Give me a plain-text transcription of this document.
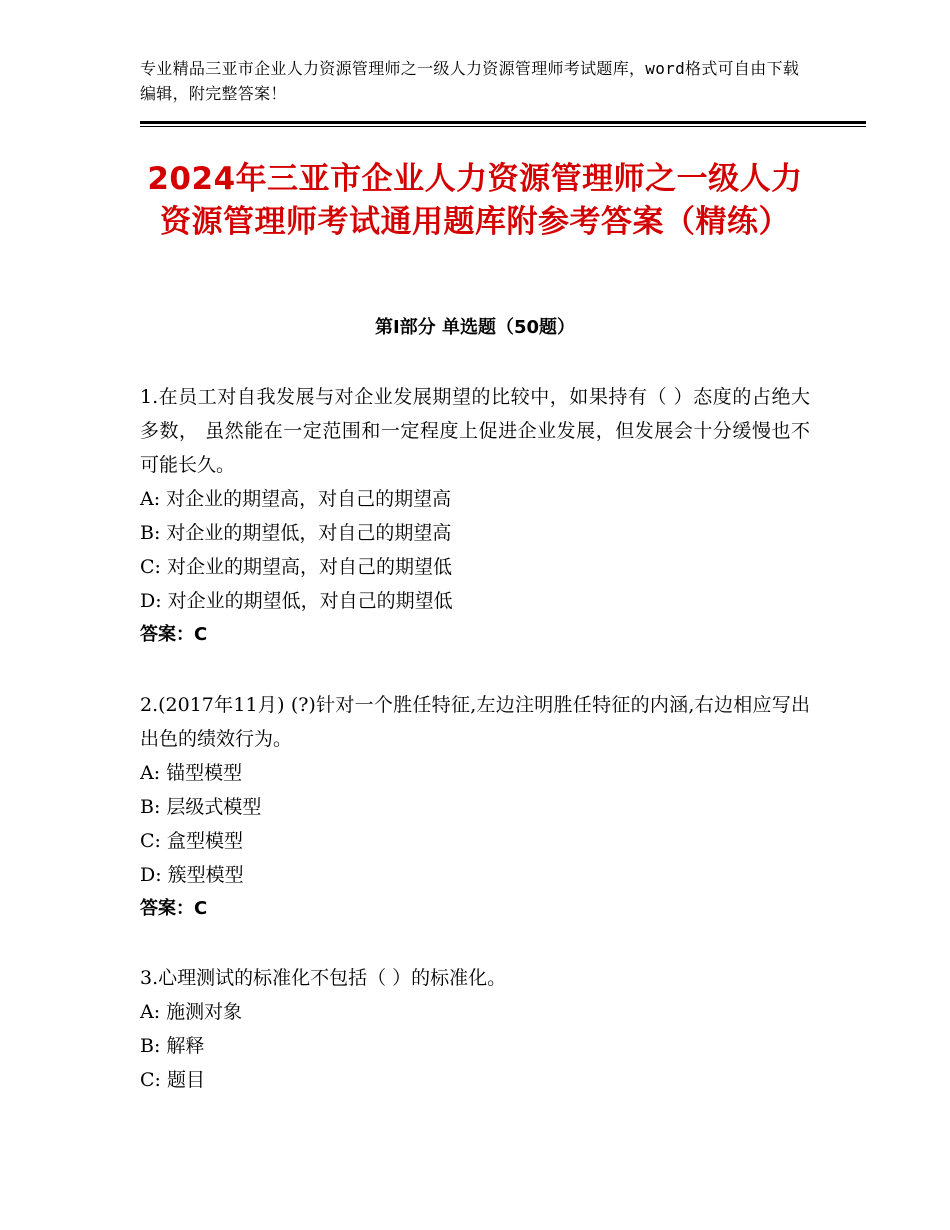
专业精品三亚市企业人力资源管理师之一级人力资源管理师考试题库，word格式可自由下载编辑，附完整答案！
2024年三亚市企业人力资源管理师之一级人力资源管理师考试通用题库附参考答案（精练）
第Ⅰ部分 单选题（50题）

1.在员工对自我发展与对企业发展期望的比较中，如果持有（ ）态度的占绝大多数， 虽然能在一定范围和一定程度上促进企业发展，但发展会十分缓慢也不可能长久。

A: 对企业的期望高，对自己的期望高

B: 对企业的期望低，对自己的期望高

C: 对企业的期望高，对自己的期望低

D: 对企业的期望低，对自己的期望低

答案：C

2.(2017年11月) (?)针对一个胜任特征,左边注明胜任特征的内涵,右边相应写出出色的绩效行为。

A: 锚型模型

B: 层级式模型

C: 盒型模型

D: 簇型模型

答案：C

3.心理测试的标准化不包括（ ）的标准化。

A: 施测对象

B: 解释

C: 题目
